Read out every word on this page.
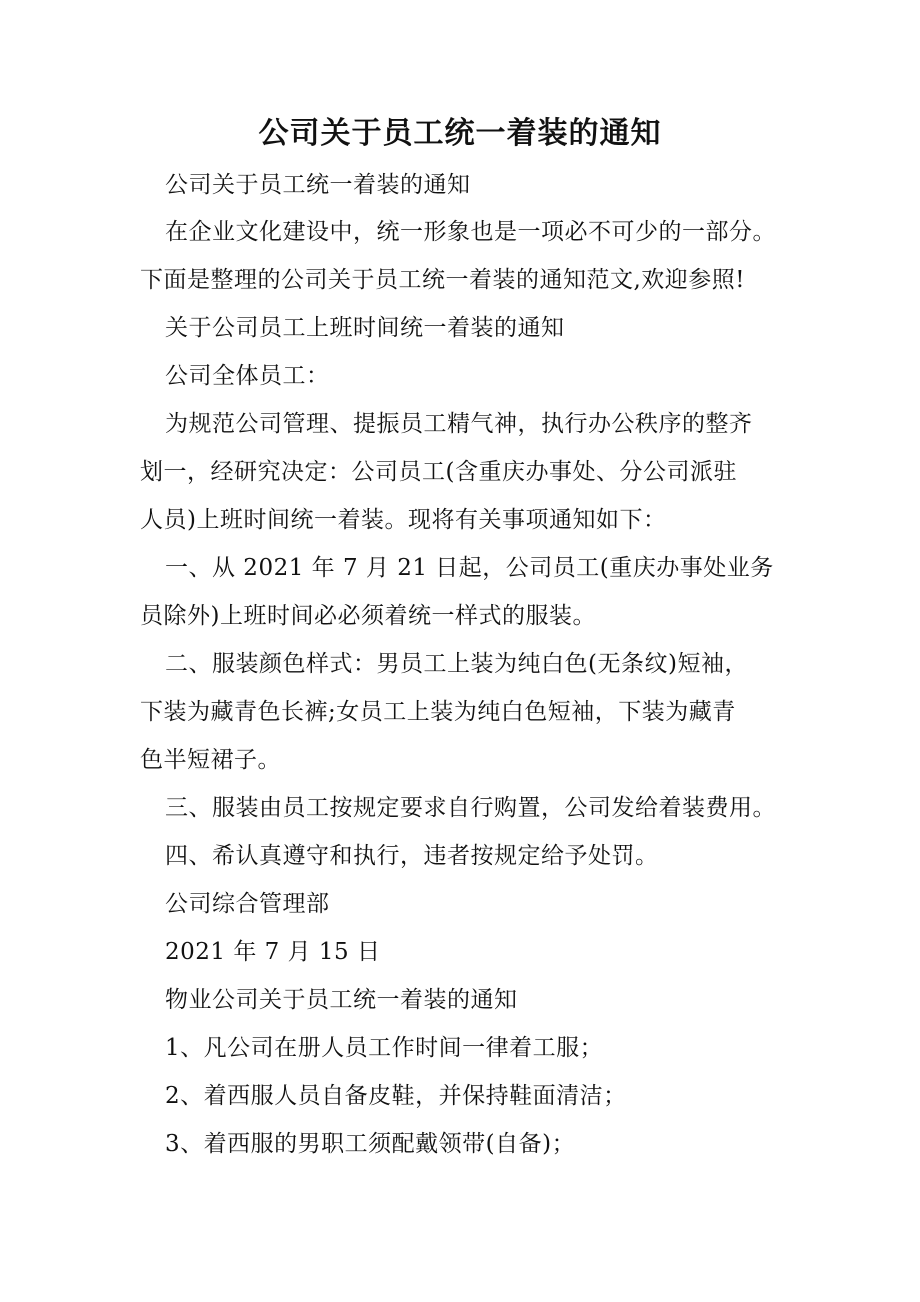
公司关于员工统一着装的通知
公司关于员工统一着装的通知
在企业文化建设中，统一形象也是一项必不可少的一部分。
下面是整理的公司关于员工统一着装的通知范文,欢迎参照!
关于公司员工上班时间统一着装的通知
公司全体员工：
为规范公司管理、提振员工精气神，执行办公秩序的整齐
划一，经研究决定：公司员工(含重庆办事处、分公司派驻
人员)上班时间统一着装。现将有关事项通知如下：
一、从 2021 年 7 月 21 日起，公司员工(重庆办事处业务
员除外)上班时间必必须着统一样式的服装。
二、服装颜色样式：男员工上装为纯白色(无条纹)短袖，
下装为藏青色长裤;女员工上装为纯白色短袖，下装为藏青
色半短裙子。
三、服装由员工按规定要求自行购置，公司发给着装费用。
四、希认真遵守和执行，违者按规定给予处罚。
公司综合管理部
2021 年 7 月 15 日
物业公司关于员工统一着装的通知
1、凡公司在册人员工作时间一律着工服；
2、着西服人员自备皮鞋，并保持鞋面清洁；
3、着西服的男职工须配戴领带(自备)；
